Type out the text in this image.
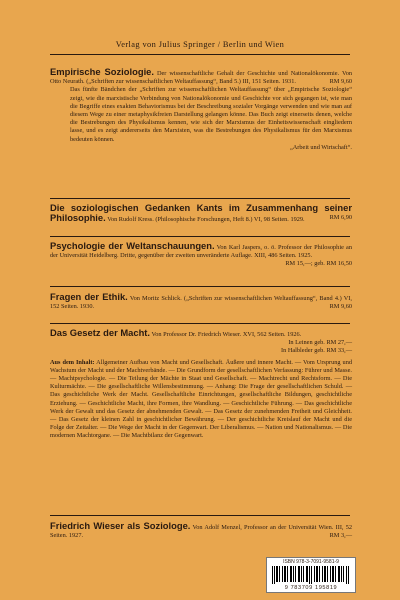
Verlag von Julius Springer / Berlin und Wien
Empirische Soziologie. Der wissenschaftliche Gehalt der Geschichte und Nationalökonomie. Von Otto Neurath. („Schriften zur wissenschaftlichen Weltauffassung“, Band 5.) III, 151 Seiten. 1931.	RM 9,60
Das fünfte Bändchen der „Schriften zur wissenschaftlichen Weltauffassung“ über „Empirische Soziologie“ zeigt, wie die marxistische Verbindung von Nationalökonomie und Geschichte vor sich gegangen ist, wie man die Begriffe eines exakten Behaviorismus bei der Beschreibung sozialer Vorgänge verwenden und wie man auf diesem Wege zu einer metaphysikfreien Darstellung gelangen könne. Das Buch zeigt einerseits denen, welche die Bestrebungen des Physikalismus kennen, wie sich der Marxismus der Einheitswissenschaft eingliedern lasse, und es zeigt andererseits den Marxisten, was die Bestrebungen des Physikalismus für den Marxismus bedeuten können.
„Arbeit und Wirtschaft“.
Die soziologischen Gedanken Kants im Zusammenhang seiner Philosophie. Von Rudolf Kress. (Philosophische Forschungen, Heft 8.) VI, 98 Seiten. 1929.	RM 6,90
Psychologie der Weltanschauungen. Von Karl Jaspers, o. ö. Professor der Philosophie an der Universität Heidelberg. Dritte, gegenüber der zweiten unveränderte Auflage. XIII, 486 Seiten. 1925.
RM 15,—; geb. RM 16,50
Fragen der Ethik. Von Moritz Schlick. („Schriften zur wissenschaftlichen Weltauffassung“, Band 4.) VI, 152 Seiten. 1930.	RM 9,60
Das Gesetz der Macht. Von Professor Dr. Friedrich Wieser. XVI, 562 Seiten. 1926.
In Leinen geb. RM 27,—
In Halbleder geb. RM 33,—
Aus dem Inhalt: Allgemeiner Aufbau von Macht und Gesellschaft. Äußere und innere Macht. — Vom Ursprung und Wachstum der Macht und der Machtverbände. — Die Grundform der gesellschaftlichen Verfassung: Führer und Masse. — Machtpsychologie. — Die Teilung der Mächte in Staat und Gesellschaft. — Machtrecht und Rechtsform. — Die Kulturmächte. — Die gesellschaftliche Willensbestimmung. — Anhang: Die Frage der gesellschaftlichen Schuld. — Das geschichtliche Werk der Macht. Gesellschaftliche Einrichtungen, gesellschaftliche Bildungen, geschichtliche Erziehung. — Geschichtliche Macht, ihre Formen, ihre Wandlung. — Geschichtliche Führung. — Das geschichtliche Werk der Gewalt und das Gesetz der abnehmenden Gewalt. — Das Gesetz der zunehmenden Freiheit und Gleichheit. — Das Gesetz der kleinen Zahl in geschichtlicher Bewährung. — Der geschichtliche Kreislauf der Macht und die Folge der Zeitalter. — Die Wege der Macht in der Gegenwart. Der Liberalismus. — Nation und Nationalismus. — Die modernen Machtorgane. — Die Machtbilanz der Gegenwart.
Friedrich Wieser als Soziologe. Von Adolf Menzel, Professor an der Universität Wien. III, 52 Seiten. 1927.	RM 3,—
ISBN 978-3-7091-9581-9
9 783709 195819
